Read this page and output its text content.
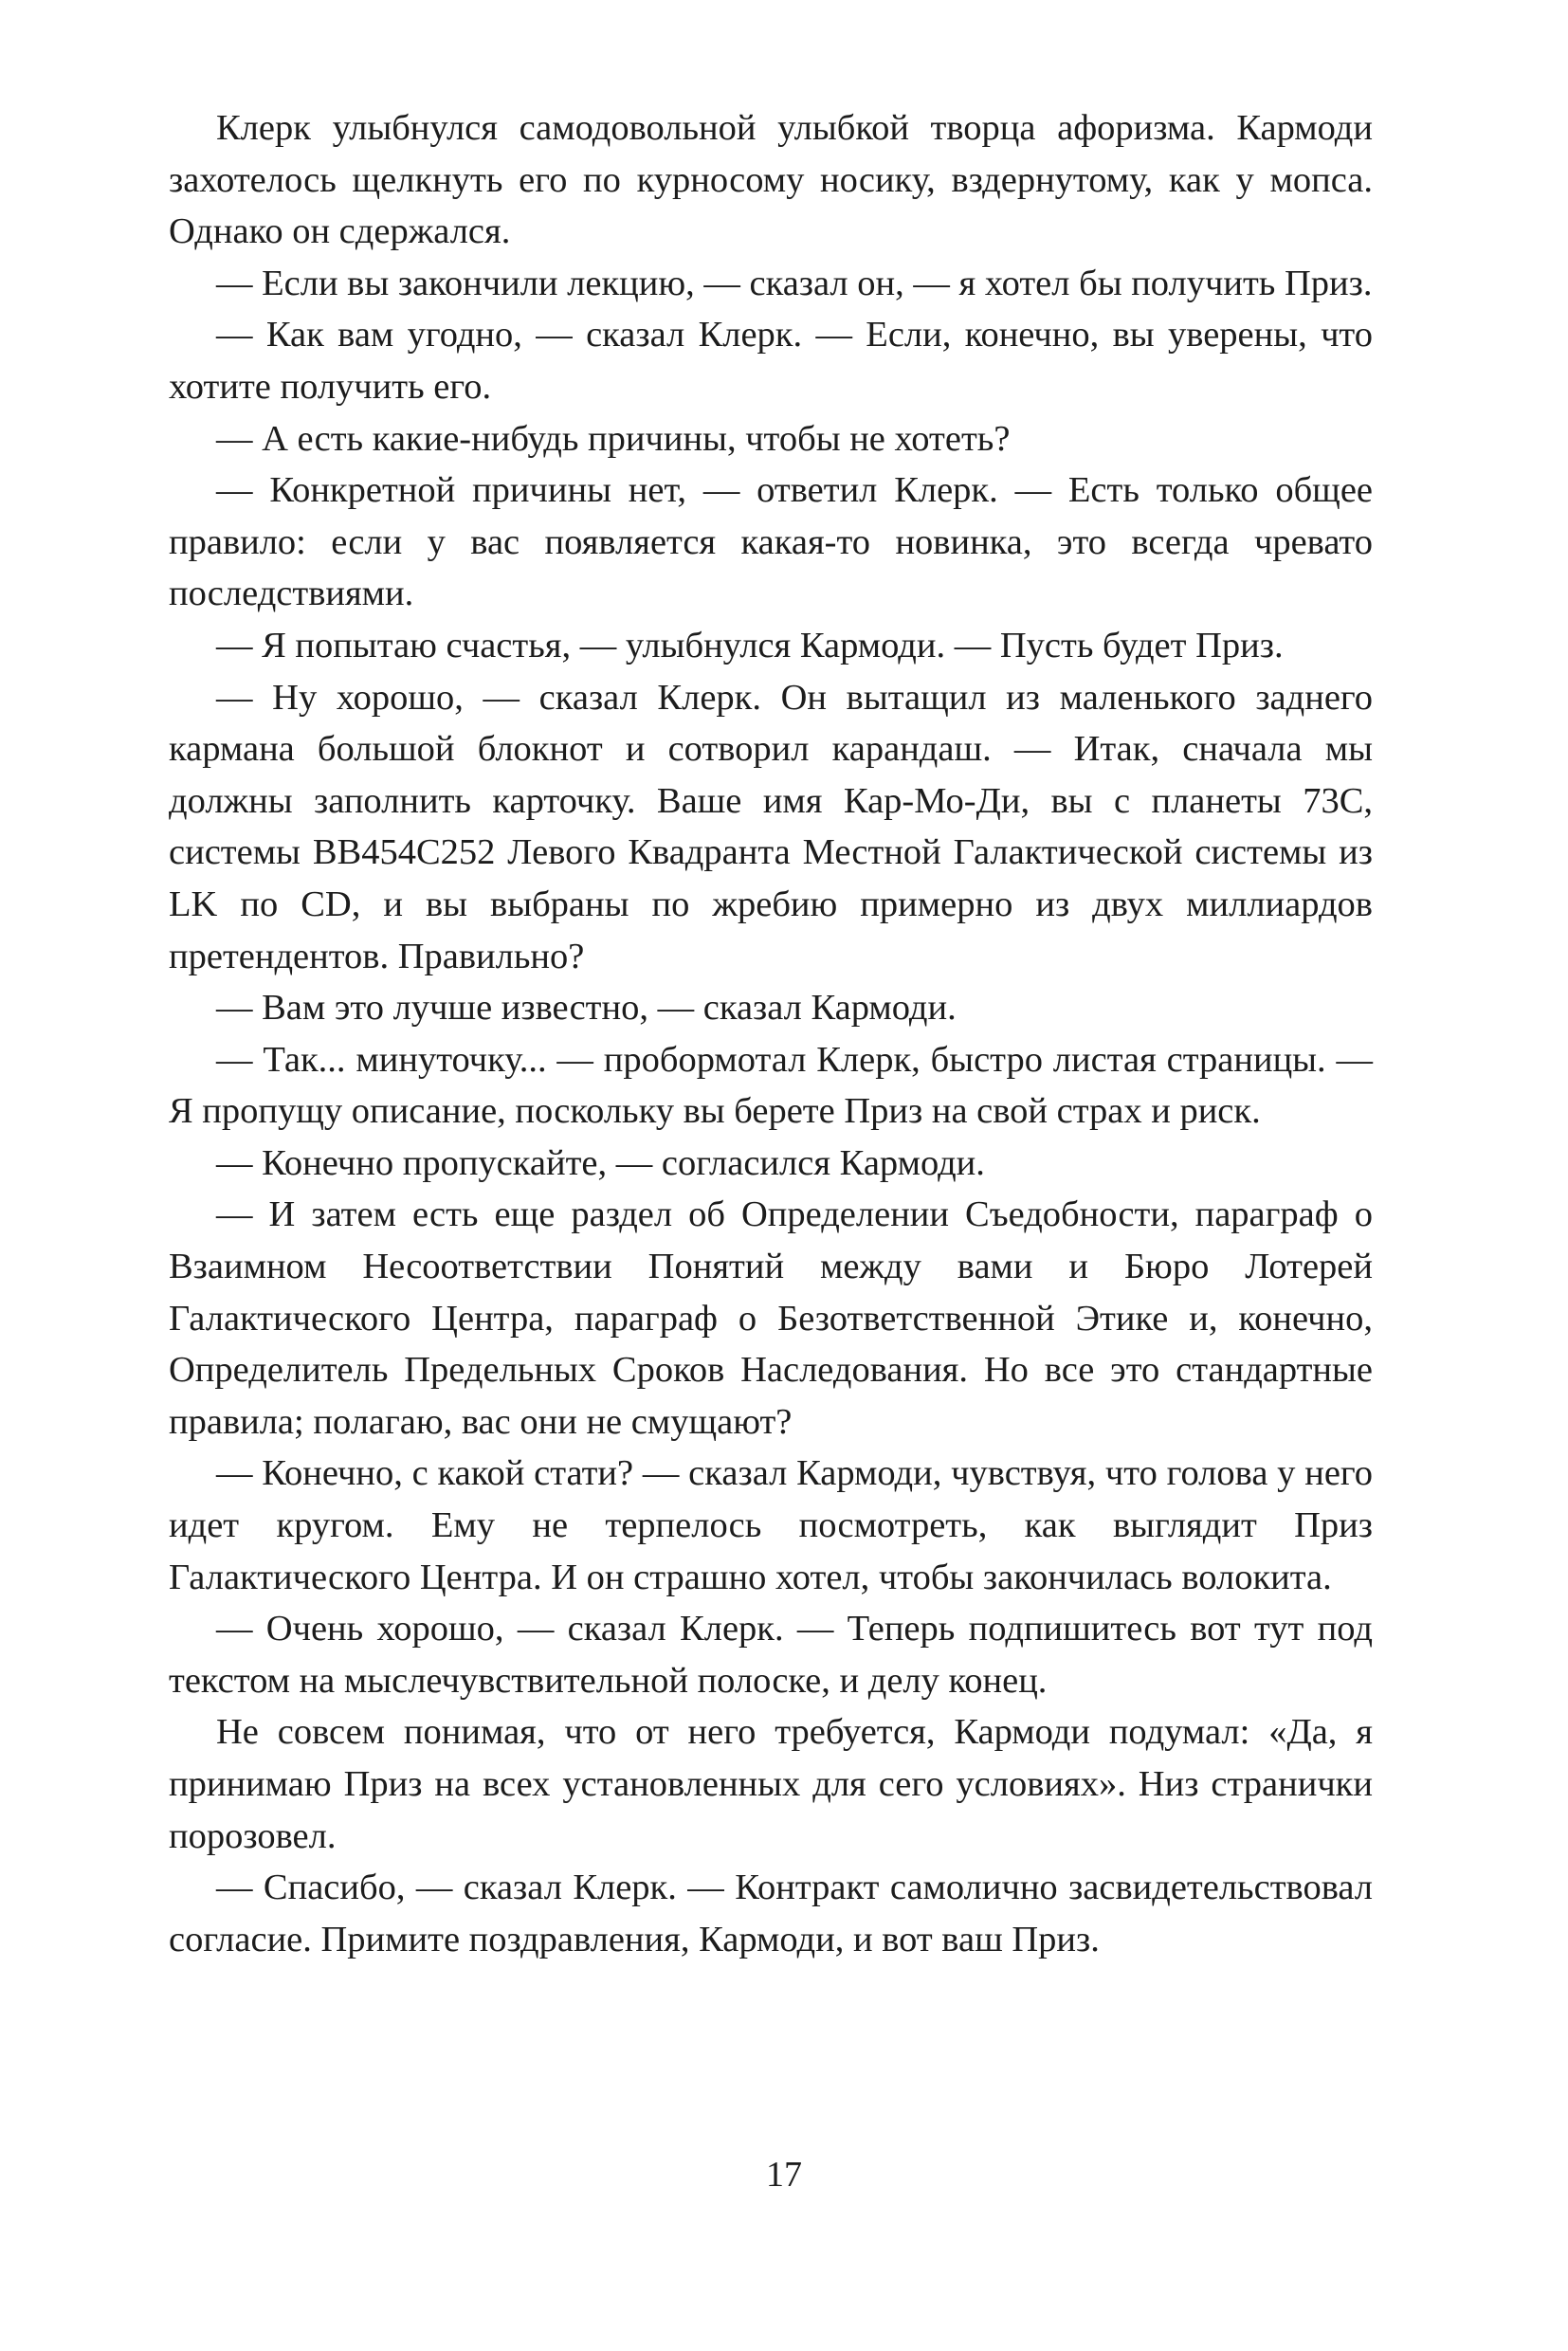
Клерк улыбнулся самодовольной улыбкой творца афоризма. Кармоди захотелось щелкнуть его по курносому носику, вздернутому, как у мопса. Однако он сдержался.

— Если вы закончили лекцию, — сказал он, — я хотел бы получить Приз.

— Как вам угодно, — сказал Клерк. — Если, конечно, вы уверены, что хотите получить его.

— А есть какие-нибудь причины, чтобы не хотеть?

— Конкретной причины нет, — ответил Клерк. — Есть только общее правило: если у вас появляется какая-то новинка, это всегда чревато последствиями.

— Я попытаю счастья, — улыбнулся Кармоди. — Пусть будет Приз.

— Ну хорошо, — сказал Клерк. Он вытащил из маленького заднего кармана большой блокнот и сотворил карандаш. — Итак, сначала мы должны заполнить карточку. Ваше имя Кар-Мо-Ди, вы с планеты 73С, системы ВВ454С252 Левого Квадранта Местной Галактической системы из LK по CD, и вы выбраны по жребию примерно из двух миллиардов претендентов. Правильно?

— Вам это лучше известно, — сказал Кармоди.

— Так... минуточку... — пробормотал Клерк, быстро листая страницы. — Я пропущу описание, поскольку вы берете Приз на свой страх и риск.

— Конечно пропускайте, — согласился Кармоди.

— И затем есть еще раздел об Определении Съедобности, параграф о Взаимном Несоответствии Понятий между вами и Бюро Лотерей Галактического Центра, параграф о Безответственной Этике и, конечно, Определитель Предельных Сроков Наследования. Но все это стандартные правила; полагаю, вас они не смущают?

— Конечно, с какой стати? — сказал Кармоди, чувствуя, что голова у него идет кругом. Ему не терпелось посмотреть, как выглядит Приз Галактического Центра. И он страшно хотел, чтобы закончилась волокита.

— Очень хорошо, — сказал Клерк. — Теперь подпишитесь вот тут под текстом на мыслечувствительной полоске, и делу конец.

Не совсем понимая, что от него требуется, Кармоди подумал: «Да, я принимаю Приз на всех установленных для сего условиях». Низ странички порозовел.

— Спасибо, — сказал Клерк. — Контракт самолично засвидетельствовал согласие. Примите поздравления, Кармоди, и вот ваш Приз.

17
